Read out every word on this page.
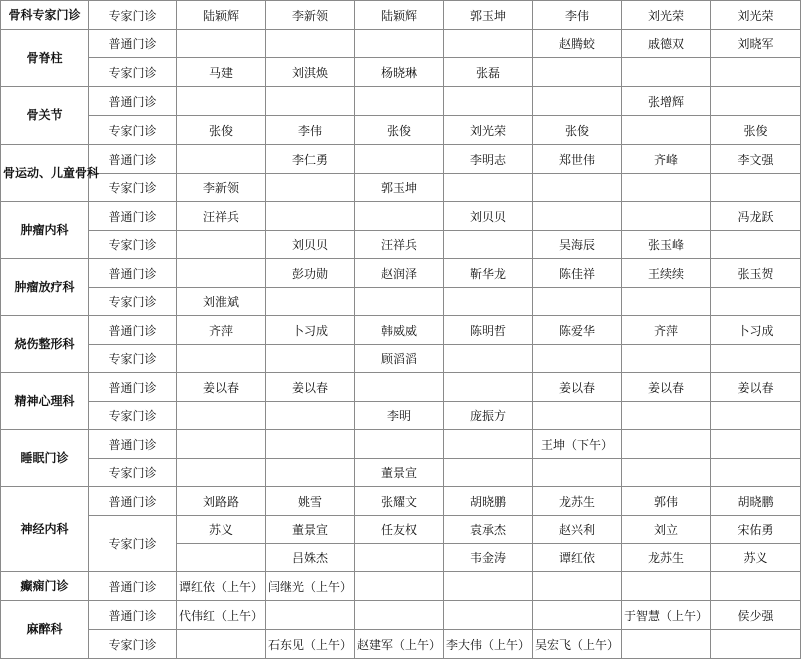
骨科专家门诊	专家门诊	陆颖辉	李新领	陆颖辉	郭玉坤	李伟	刘光荣	刘光荣
骨脊柱	普通门诊					赵腾蛟	戚德双	刘晓军
	专家门诊	马建	刘淇焕	杨晓琳	张磊			
骨关节	普通门诊						张增辉	
	专家门诊	张俊	李伟	张俊	刘光荣	张俊		张俊
骨运动、儿童骨科	普通门诊		李仁勇		李明志	郑世伟	齐峰	李文强
	专家门诊	李新领		郭玉坤				
肿瘤内科	普通门诊	汪祥兵			刘贝贝			冯龙跃
	专家门诊		刘贝贝	汪祥兵		吴海辰	张玉峰	
肿瘤放疗科	普通门诊		彭功勋	赵润泽	靳华龙	陈佳祥	王续续	张玉贺
	专家门诊	刘淮斌						
烧伤整形科	普通门诊	齐萍	卜习成	韩威威	陈明哲	陈爱华	齐萍	卜习成
	专家门诊			顾滔滔				
精神心理科	普通门诊	姜以春	姜以春			姜以春	姜以春	姜以春
	专家门诊			李明	庞振方			
睡眠门诊	普通门诊					王坤（下午）		
	专家门诊			董景宣				
神经内科	普通门诊	刘路路	姚雪	张耀文	胡晓鹏	龙苏生	郭伟	胡晓鹏
	专家门诊	苏义	董景宣	任友权	袁承杰	赵兴利	刘立	宋佑勇
			吕姝杰		韦金涛	谭红依	龙苏生	苏义
癫痫门诊	普通门诊	谭红依（上午）	闫继光（上午）					
麻醉科	普通门诊	代伟红（上午）					于智慧（上午）	侯少强
	专家门诊		石东见（上午）	赵建军（上午）	李大伟（上午）	吴宏飞（上午）		
